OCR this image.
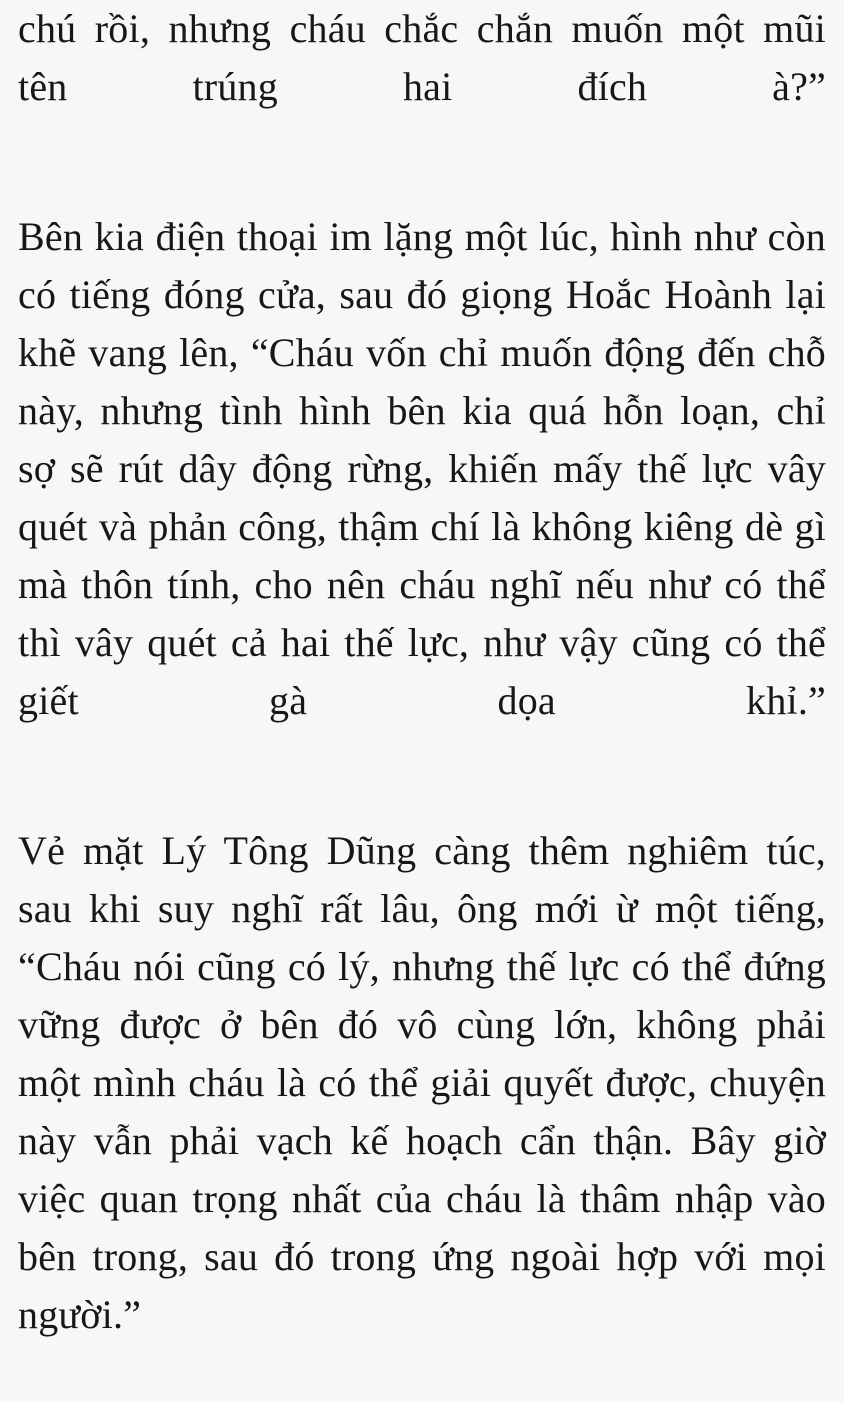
chú rồi, nhưng cháu chắc chắn muốn một mũi tên trúng hai đích à?”

Bên kia điện thoại im lặng một lúc, hình như còn có tiếng đóng cửa, sau đó giọng Hoắc Hoành lại khẽ vang lên, “Cháu vốn chỉ muốn động đến chỗ này, nhưng tình hình bên kia quá hỗn loạn, chỉ sợ sẽ rút dây động rừng, khiến mấy thế lực vây quét và phản công, thậm chí là không kiêng dè gì mà thôn tính, cho nên cháu nghĩ nếu như có thể thì vây quét cả hai thế lực, như vậy cũng có thể giết gà dọa khỉ.”

Vẻ mặt Lý Tông Dũng càng thêm nghiêm túc, sau khi suy nghĩ rất lâu, ông mới ừ một tiếng, “Cháu nói cũng có lý, nhưng thế lực có thể đứng vững được ở bên đó vô cùng lớn, không phải một mình cháu là có thể giải quyết được, chuyện này vẫn phải vạch kế hoạch cẩn thận. Bây giờ việc quan trọng nhất của cháu là thâm nhập vào bên trong, sau đó trong ứng ngoài hợp với mọi người.”
